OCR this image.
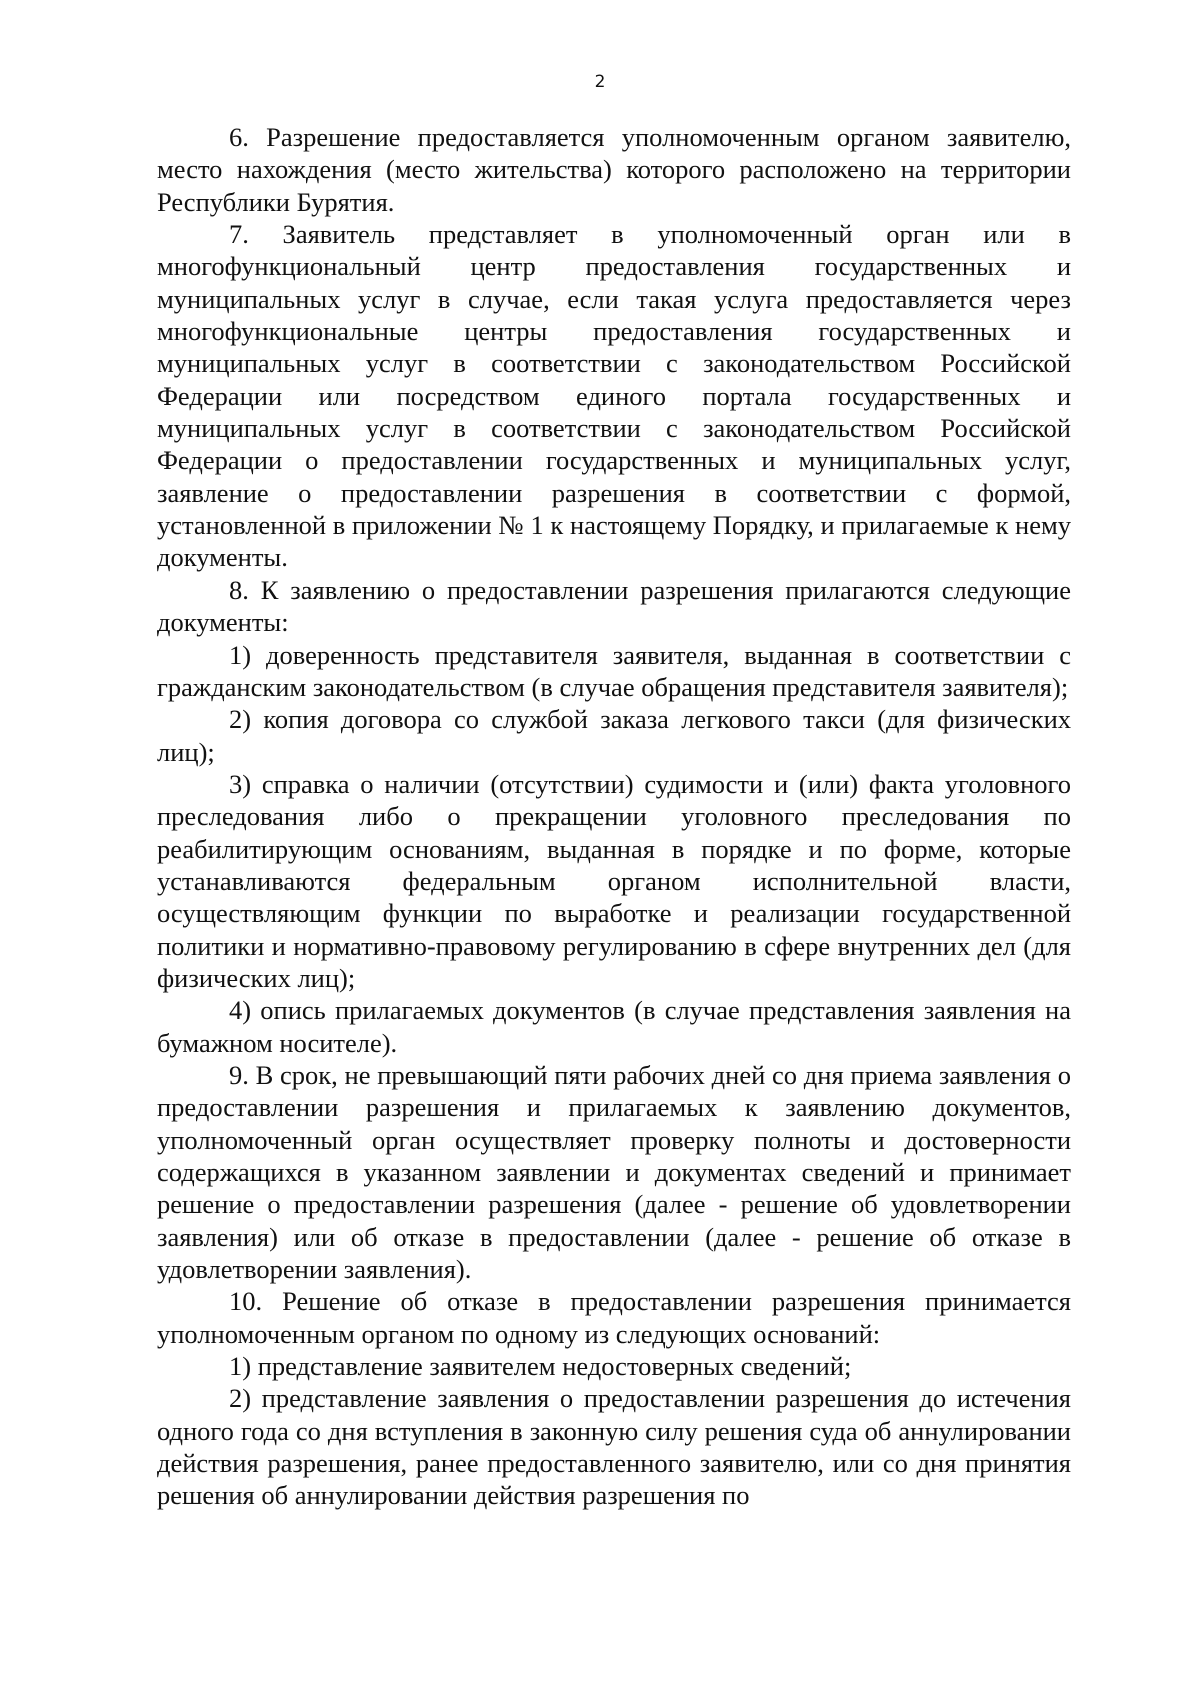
2

6. Разрешение предоставляется уполномоченным органом заявителю, место нахождения (место жительства) которого расположено на территории Республики Бурятия.

7. Заявитель представляет в уполномоченный орган или в многофункциональный центр предоставления государственных и муниципальных услуг в случае, если такая услуга предоставляется через многофункциональные центры предоставления государственных и муниципальных услуг в соответствии с законодательством Российской Федерации или посредством единого портала государственных и муниципальных услуг в соответствии с законодательством Российской Федерации о предоставлении государственных и муниципальных услуг, заявление о предоставлении разрешения в соответствии с формой, установленной в приложении № 1 к настоящему Порядку, и прилагаемые к нему документы.

8. К заявлению о предоставлении разрешения прилагаются следующие документы:

1) доверенность представителя заявителя, выданная в соответствии с гражданским законодательством (в случае обращения представителя заявителя);

2) копия договора со службой заказа легкового такси (для физических лиц);

3) справка о наличии (отсутствии) судимости и (или) факта уголовного преследования либо о прекращении уголовного преследования по реабилитирующим основаниям, выданная в порядке и по форме, которые устанавливаются федеральным органом исполнительной власти, осуществляющим функции по выработке и реализации государственной политики и нормативно-правовому регулированию в сфере внутренних дел (для физических лиц);

4) опись прилагаемых документов (в случае представления заявления на бумажном носителе).

9. В срок, не превышающий пяти рабочих дней со дня приема заявления о предоставлении разрешения и прилагаемых к заявлению документов, уполномоченный орган осуществляет проверку полноты и достоверности содержащихся в указанном заявлении и документах сведений и принимает решение о предоставлении разрешения (далее - решение об удовлетворении заявления) или об отказе в предоставлении (далее - решение об отказе в удовлетворении заявления).

10. Решение об отказе в предоставлении разрешения принимается уполномоченным органом по одному из следующих оснований:

1) представление заявителем недостоверных сведений;

2) представление заявления о предоставлении разрешения до истечения одного года со дня вступления в законную силу решения суда об аннулировании действия разрешения, ранее предоставленного заявителю, или со дня принятия решения об аннулировании действия разрешения по
